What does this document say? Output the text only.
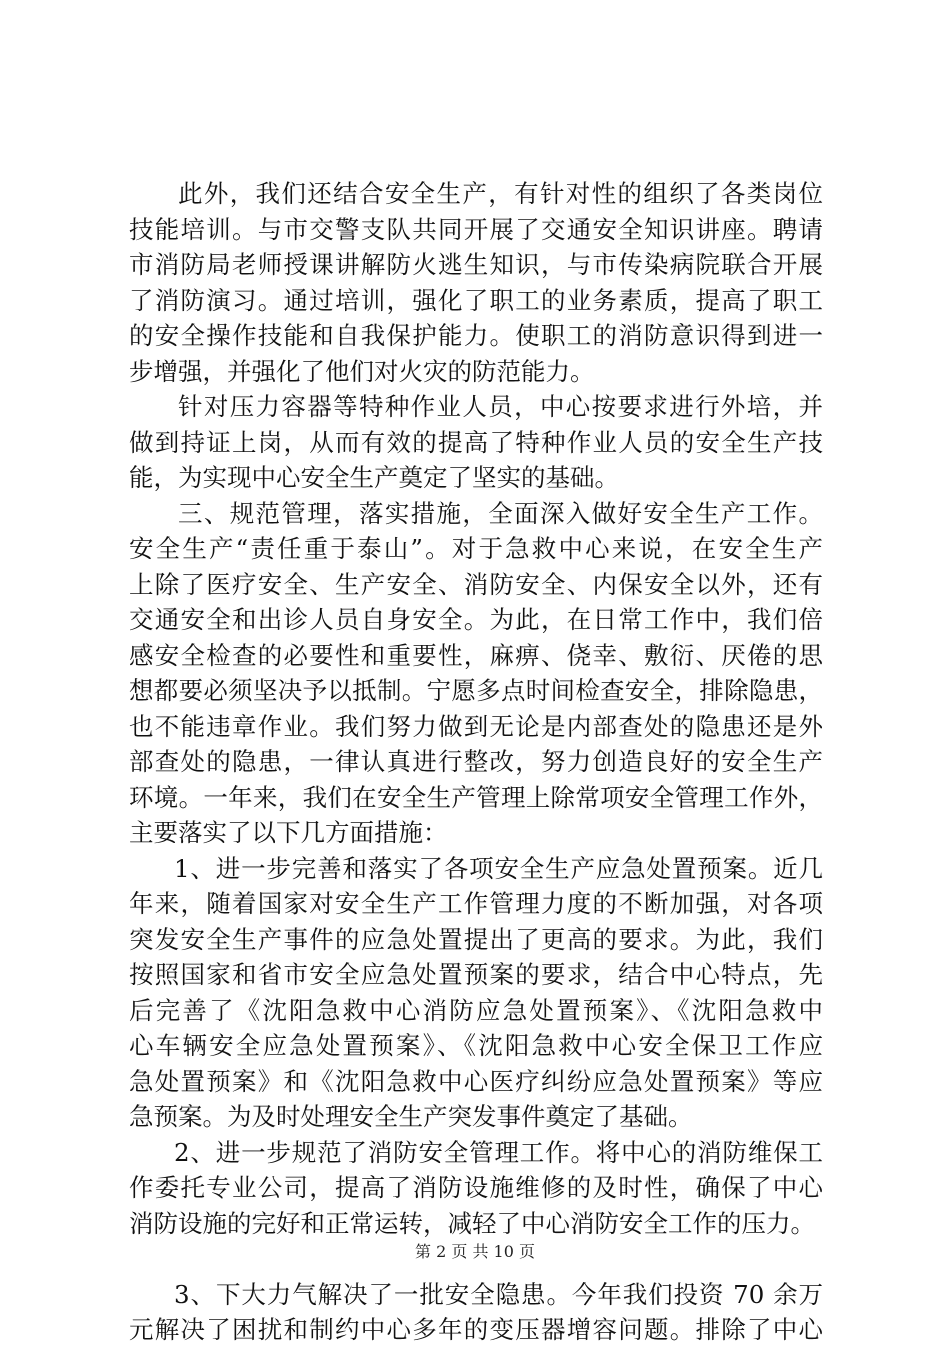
此外，我们还结合安全生产，有针对性的组织了各类岗位
技能培训。与市交警支队共同开展了交通安全知识讲座。聘请
市消防局老师授课讲解防火逃生知识，与市传染病院联合开展
了消防演习。通过培训，强化了职工的业务素质，提高了职工
的安全操作技能和自我保护能力。使职工的消防意识得到进一
步增强，并强化了他们对火灾的防范能力。
针对压力容器等特种作业人员，中心按要求进行外培，并
做到持证上岗，从而有效的提高了特种作业人员的安全生产技
能，为实现中心安全生产奠定了坚实的基础。
三、规范管理，落实措施，全面深入做好安全生产工作。
安全生产“责任重于泰山”。对于急救中心来说，在安全生产
上除了医疗安全、生产安全、消防安全、内保安全以外，还有
交通安全和出诊人员自身安全。为此，在日常工作中，我们倍
感安全检查的必要性和重要性，麻痹、侥幸、敷衍、厌倦的思
想都要必须坚决予以抵制。宁愿多点时间检查安全，排除隐患，
也不能违章作业。我们努力做到无论是内部查处的隐患还是外
部查处的隐患，一律认真进行整改，努力创造良好的安全生产
环境。一年来，我们在安全生产管理上除常项安全管理工作外，
主要落实了以下几方面措施：
1、进一步完善和落实了各项安全生产应急处置预案。近几
年来，随着国家对安全生产工作管理力度的不断加强，对各项
突发安全生产事件的应急处置提出了更高的要求。为此，我们
按照国家和省市安全应急处置预案的要求，结合中心特点，先
后完善了《沈阳急救中心消防应急处置预案》、《沈阳急救中
心车辆安全应急处置预案》、《沈阳急救中心安全保卫工作应
急处置预案》和《沈阳急救中心医疗纠纷应急处置预案》等应
急预案。为及时处理安全生产突发事件奠定了基础。
2、进一步规范了消防安全管理工作。将中心的消防维保工
作委托专业公司，提高了消防设施维修的及时性，确保了中心
消防设施的完好和正常运转，减轻了中心消防安全工作的压力。
3、下大力气解决了一批安全隐患。今年我们投资 70 余万
元解决了困扰和制约中心多年的变压器增容问题。排除了中心
第 2 页 共 10 页
